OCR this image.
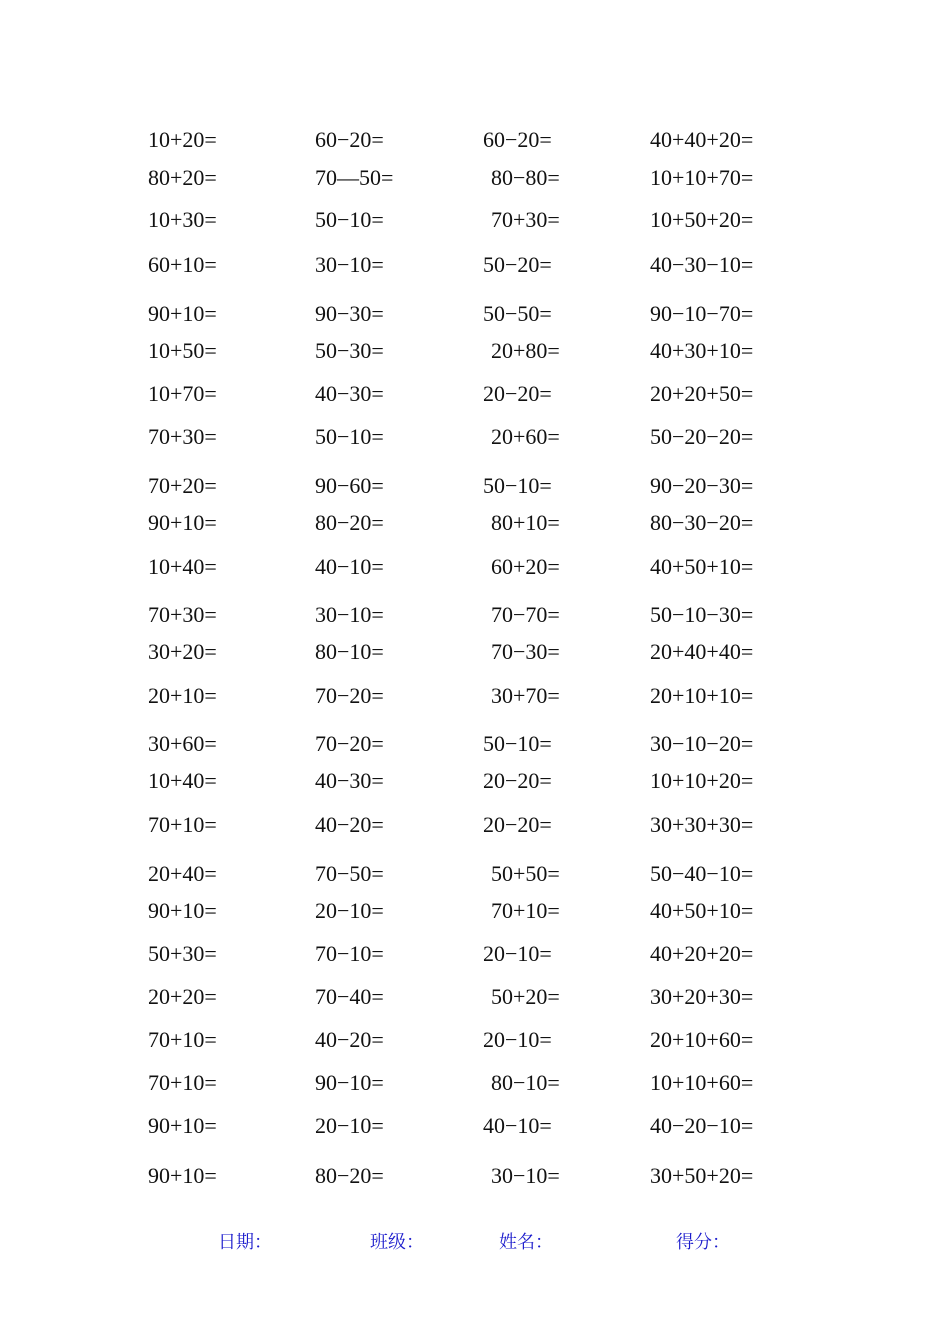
10+20=	60−20=	60−20=	40+40+20=
80+20=	70—50=	80−80=	10+10+70=
10+30=	50−10=	70+30=	10+50+20=
60+10=	30−10=	50−20=	40−30−10=
90+10=	90−30=	50−50=	90−10−70=
10+50=	50−30=	20+80=	40+30+10=
10+70=	40−30=	20−20=	20+20+50=
70+30=	50−10=	20+60=	50−20−20=
70+20=	90−60=	50−10=	90−20−30=
90+10=	80−20=	80+10=	80−30−20=
10+40=	40−10=	60+20=	40+50+10=
70+30=	30−10=	70−70=	50−10−30=
30+20=	80−10=	70−30=	20+40+40=
20+10=	70−20=	30+70=	20+10+10=
30+60=	70−20=	50−10=	30−10−20=
10+40=	40−30=	20−20=	10+10+20=
70+10=	40−20=	20−20=	30+30+30=
20+40=	70−50=	50+50=	50−40−10=
90+10=	20−10=	70+10=	40+50+10=
50+30=	70−10=	20−10=	40+20+20=
20+20=	70−40=	50+20=	30+20+30=
70+10=	40−20=	20−10=	20+10+60=
70+10=	90−10=	80−10=	10+10+60=
90+10=	20−10=	40−10=	40−20−10=
90+10=	80−20=	30−10=	30+50+20=
日期：	班级：	姓名：	得分：
